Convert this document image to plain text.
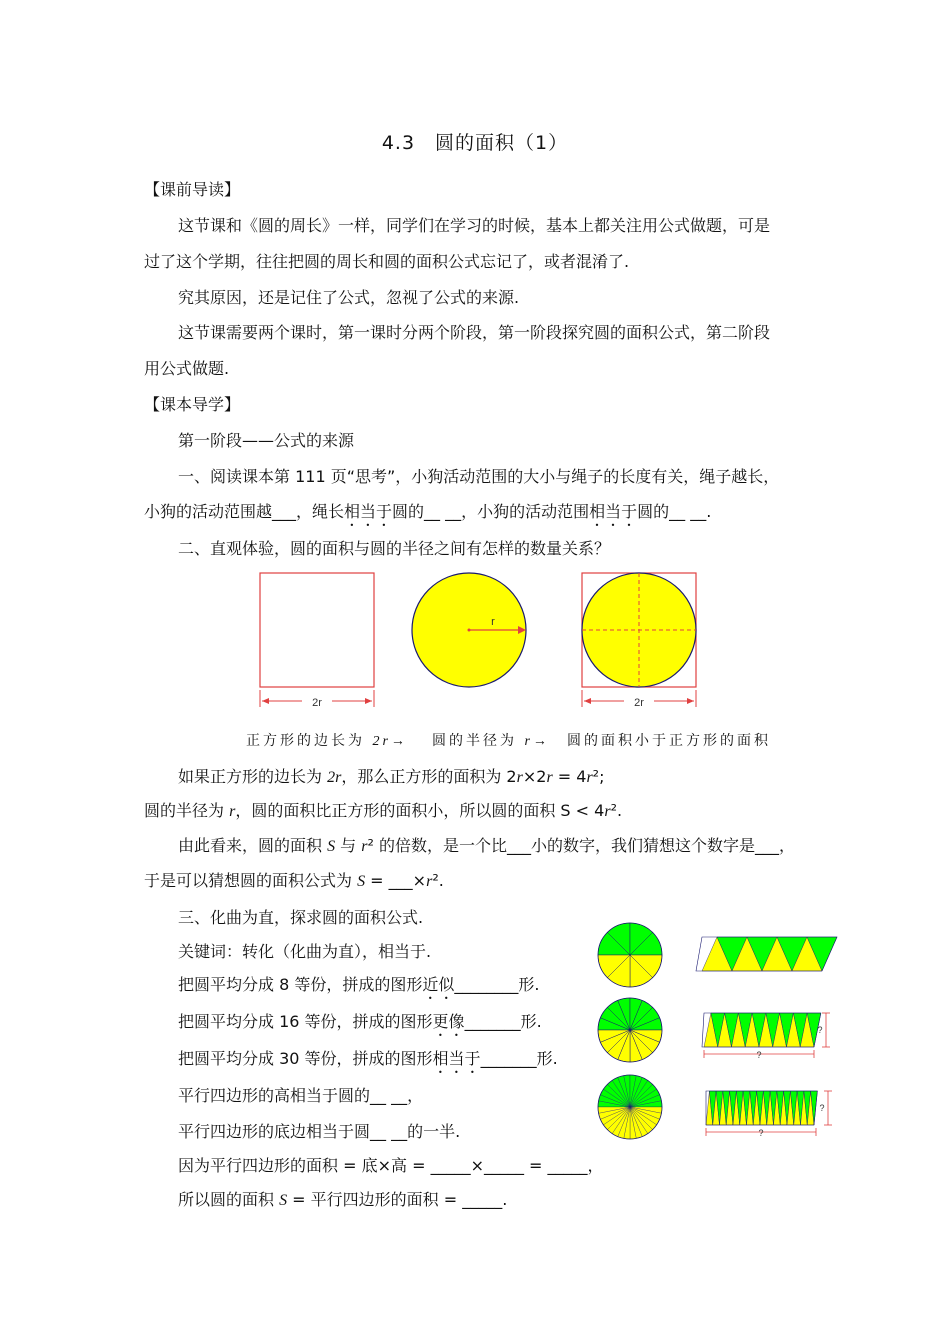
4.3　圆的面积（1）
【课前导读】
这节课和《圆的周长》一样，同学们在学习的时候，基本上都关注用公式做题，可是
过了这个学期，往往把圆的周长和圆的面积公式忘记了，或者混淆了.
究其原因，还是记住了公式，忽视了公式的来源.
这节课需要两个课时，第一课时分两个阶段，第一阶段探究圆的面积公式，第二阶段
用公式做题.
【课本导学】
第一阶段——公式的来源
一、阅读课本第 111 页“思考”，小狗活动范围的大小与绳子的长度有关，绳子越长，
小狗的活动范围越___，绳长相当于圆的__ __，小狗的活动范围相当于圆的__ __.
二、直观体验，圆的面积与圆的半径之间有怎样的数量关系？
2r
r
2r
正方形的边长为 2r→ 圆的半径为 r→ 圆的面积小于正方形的面积
如果正方形的边长为 2r，那么正方形的面积为 2r×2r = 4r²;
圆的半径为 r，圆的面积比正方形的面积小，所以圆的面积 S < 4r².
由此看来，圆的面积 S 与 r² 的倍数，是一个比___小的数字，我们猜想这个数字是___，
于是可以猜想圆的面积公式为 S = ___×r².
三、化曲为直，探求圆的面积公式.
关键词：转化（化曲为直），相当于.
把圆平均分成 8 等份，拼成的图形近似________形.
把圆平均分成 16 等份，拼成的图形更像_______形.
把圆平均分成 30 等份，拼成的图形相当于_______形.
平行四边形的高相当于圆的__ __，
平行四边形的底边相当于圆__ __的一半.
因为平行四边形的面积 = 底×高 = _____×_____ = _____，
所以圆的面积 S = 平行四边形的面积 = _____.
?
?
?
?
